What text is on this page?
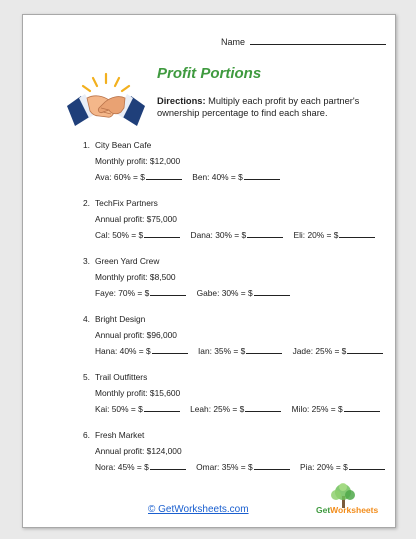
Name
Profit Portions
Directions: Multiply each profit by each partner's ownership percentage to find each share.
1. City Bean Cafe
Monthly profit: $12,000
Ava: 60% = $	Ben: 40% = $
2. TechFix Partners
Annual profit: $75,000
Cal: 50% = $	Dana: 30% = $	Eli: 20% = $
3. Green Yard Crew
Monthly profit: $8,500
Faye: 70% = $	Gabe: 30% = $
4. Bright Design
Annual profit: $96,000
Hana: 40% = $	Ian: 35% = $	Jade: 25% = $
5. Trail Outfitters
Monthly profit: $15,600
Kai: 50% = $	Leah: 25% = $	Milo: 25% = $
6. Fresh Market
Annual profit: $124,000
Nora: 45% = $	Omar: 35% = $	Pia: 20% = $
© GetWorksheets.com	GetWorksheets
